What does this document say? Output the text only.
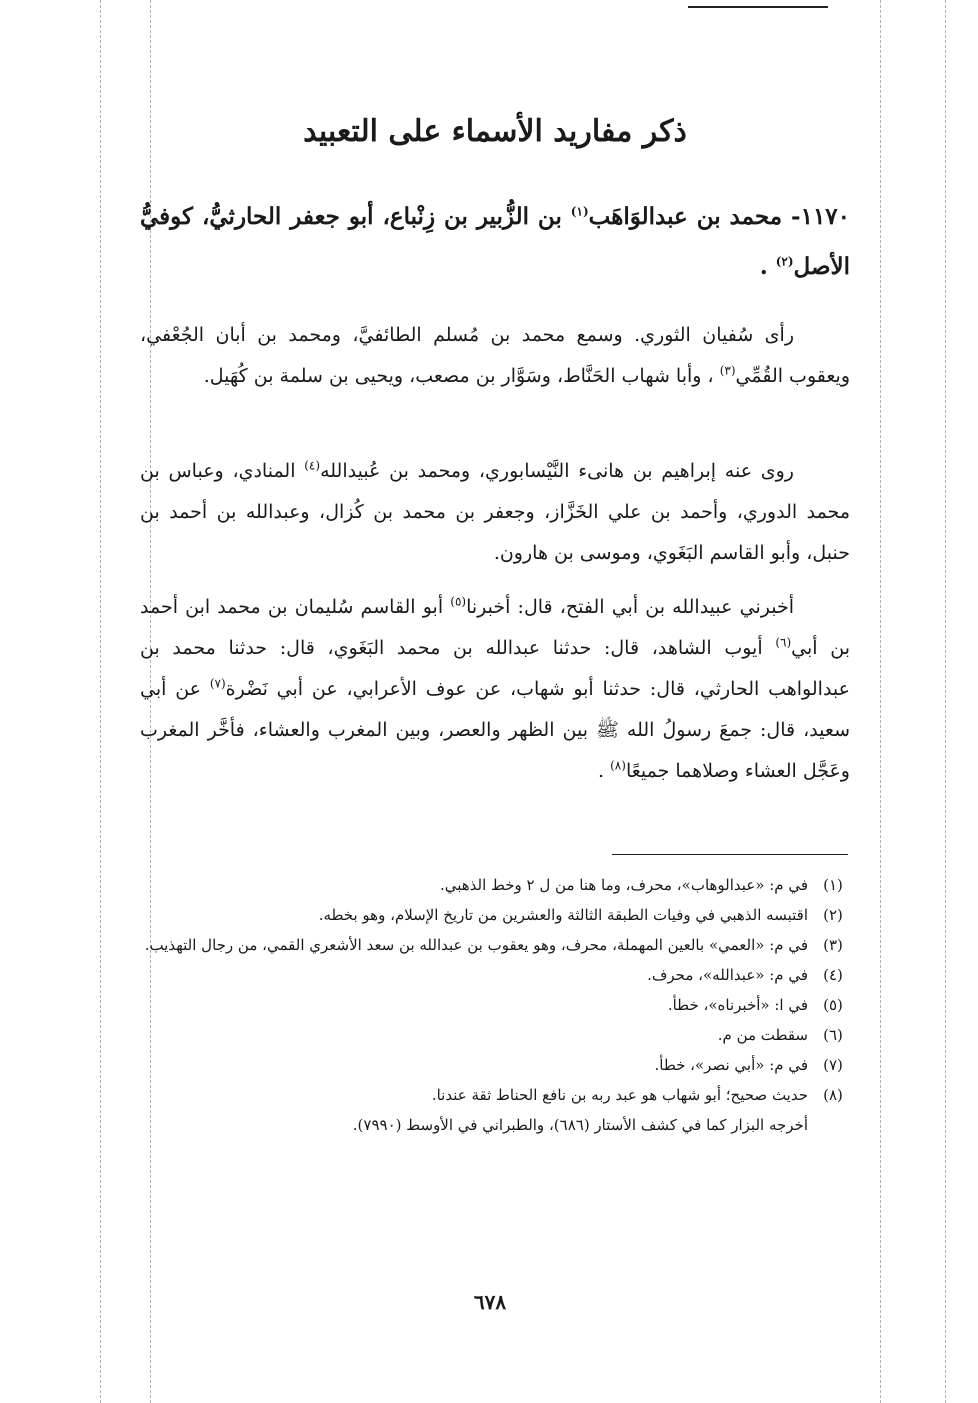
ذكر مفاريد الأسماء على التعبيد
١١٧٠- محمد بن عبدالوَاهَب$^{(١)}$ بن الزُّبير بن زِنْباع، أبو جعفر الحارثيُّ، كوفيُّ الأصل$^{(٢)}$ .
رأى سُفيان الثوري. وسمع محمد بن مُسلم الطائفيَّ، ومحمد بن أبان الجُعْفي، ويعقوب القُمِّي$^{(٣)}$ ، وأبا شهاب الحَنَّاط، وسَوَّار بن مصعب، ويحيى بن سلمة بن كُهَيل.
روى عنه إبراهيم بن هانىء النَّيْسابوري، ومحمد بن عُبيدالله$^{(٤)}$ المنادي، وعباس بن محمد الدوري، وأحمد بن علي الخَزَّاز، وجعفر بن محمد بن كُزال، وعبدالله بن أحمد بن حنبل، وأبو القاسم البَغَوي، وموسى بن هارون.
أخبرني عبيدالله بن أبي الفتح، قال: أخبرنا$^{(٥)}$ أبو القاسم سُليمان بن محمد ابن أحمد بن أبي$^{(٦)}$ أيوب الشاهد، قال: حدثنا عبدالله بن محمد البَغَوي، قال: حدثنا محمد بن عبدالواهب الحارثي، قال: حدثنا أبو شهاب، عن عوف الأعرابي، عن أبي نَضْرة$^{(٧)}$ عن أبي سعيد، قال: جمعَ رسولُ الله ﷺ بين الظهر والعصر، وبين المغرب والعشاء، فأخَّر المغرب وعَجَّل العشاء وصلاهما جميعًا$^{(٨)}$ .
(١)
في م: «عبدالوهاب»، محرف، وما هنا من ل ٢ وخط الذهبي.
(٢)
اقتبسه الذهبي في وفيات الطبقة الثالثة والعشرين من تاريخ الإسلام، وهو بخطه.
(٣)
في م: «العمي» بالعين المهملة، محرف، وهو يعقوب بن عبدالله بن سعد الأشعري القمي، من رجال التهذيب.
(٤)
في م: «عبدالله»، محرف.
(٥)
في ا: «أخبرناه»، خطأ.
(٦)
سقطت من م.
(٧)
في م: «أبي نصر»، خطأ.
(٨)
حديث صحيح؛ أبو شهاب هو عبد ربه بن نافع الحناط ثقة عندنا.
أخرجه البزار كما في كشف الأستار (٦٨٦)، والطبراني في الأوسط (٧٩٩٠).
٦٧٨
